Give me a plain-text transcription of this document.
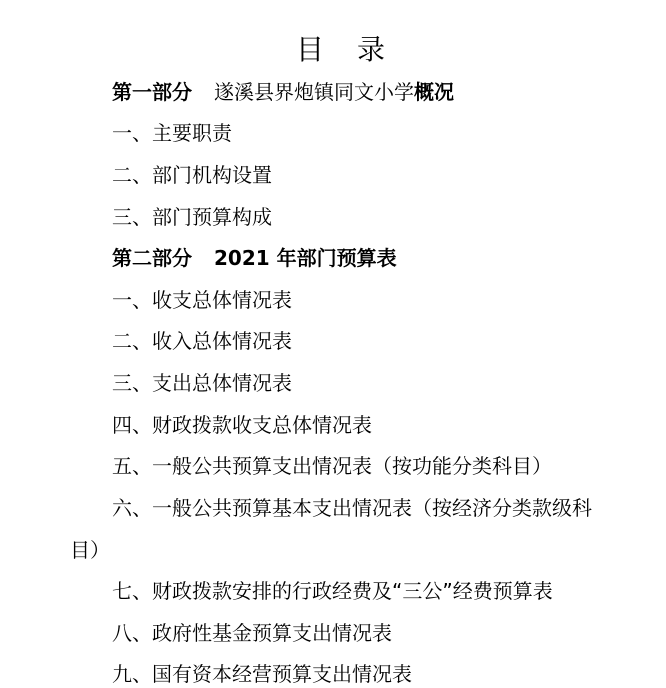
目 录
第一部分 遂溪县界炮镇同文小学概况
一、主要职责
二、部门机构设置
三、部门预算构成
第二部分 2021 年部门预算表
一、收支总体情况表
二、收入总体情况表
三、支出总体情况表
四、财政拨款收支总体情况表
五、一般公共预算支出情况表（按功能分类科目）
六、一般公共预算基本支出情况表（按经济分类款级科
目）
七、财政拨款安排的行政经费及“三公”经费预算表
八、政府性基金预算支出情况表
九、国有资本经营预算支出情况表
